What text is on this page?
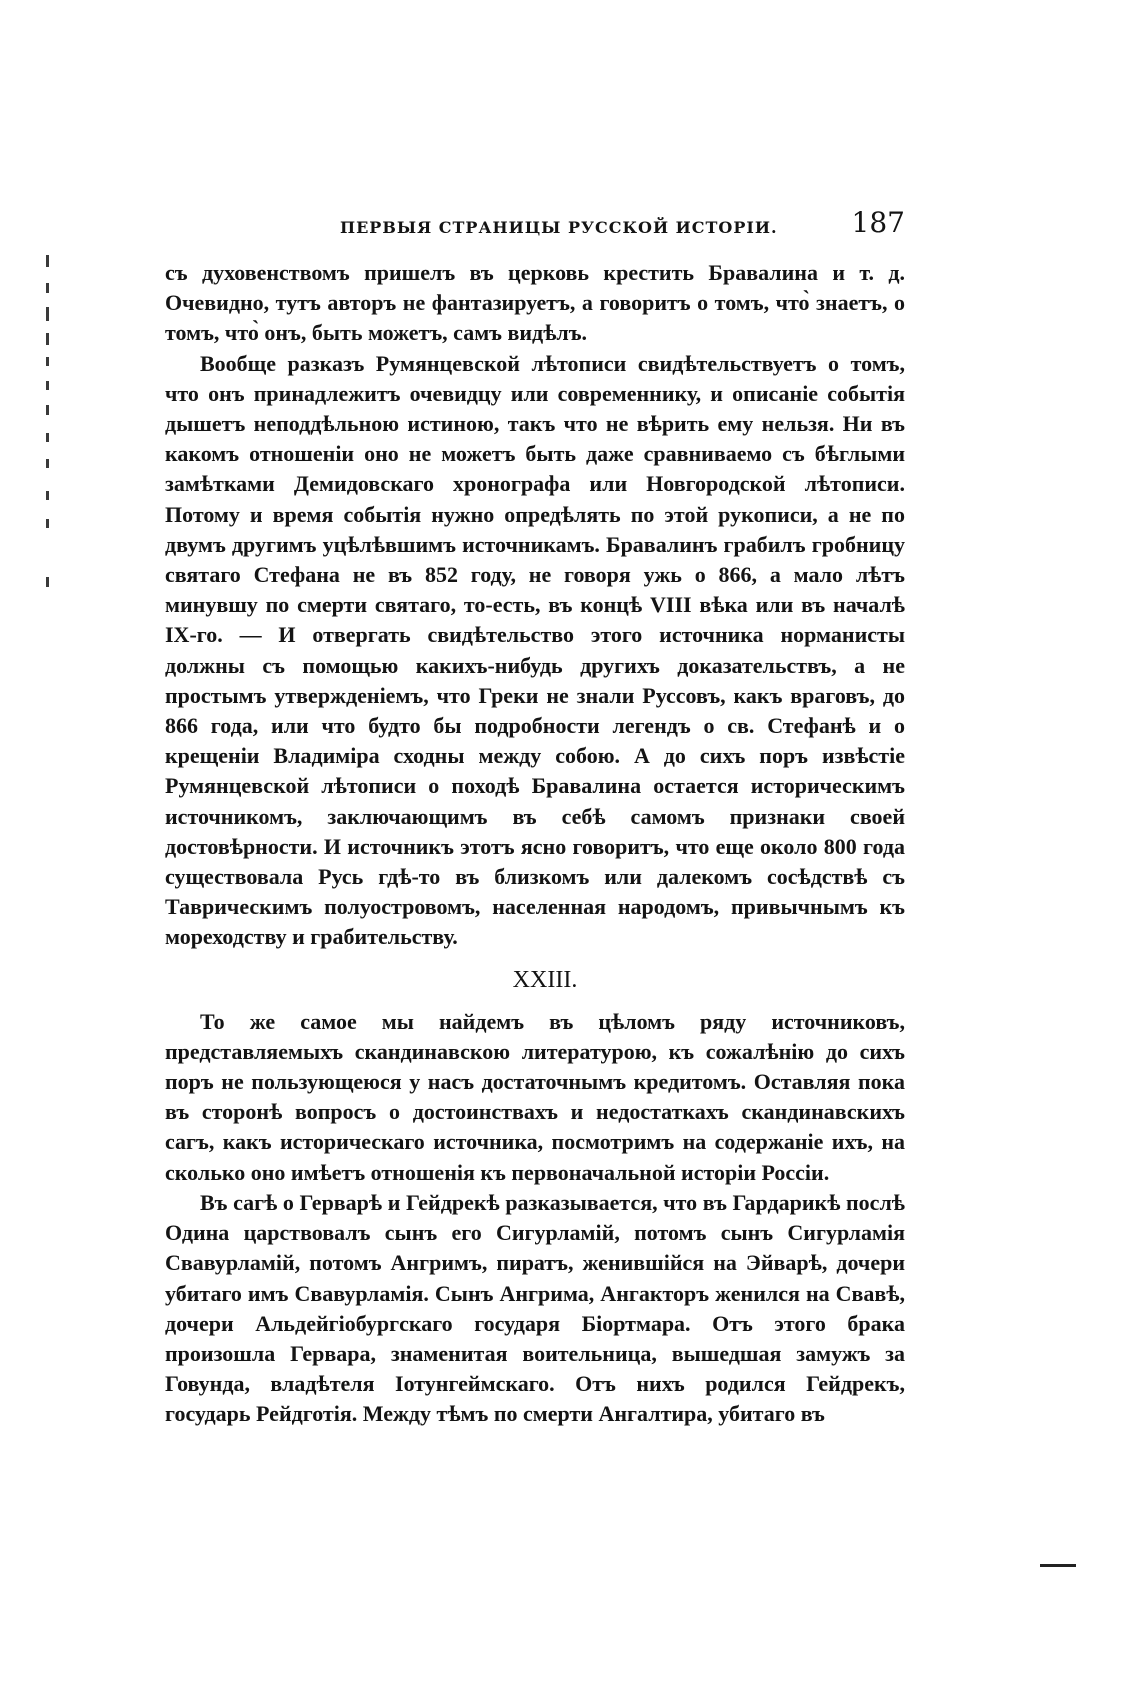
ПЕРВЫЯ СТРАНИЦЫ РУССКОЙ ИСТОРІИ.	187

съ духовенствомъ пришелъ въ церковь крестить Бравалина и т. д. Очевидно, тутъ авторъ не фантазируетъ, а говоритъ о томъ, что̀ знаетъ, о томъ, что̀ онъ, быть можетъ, самъ видѣлъ.

Вообще разказъ Румянцевской лѣтописи свидѣтельствуетъ о томъ, что онъ принадлежитъ очевидцу или современнику, и описаніе событія дышетъ неподдѣльною истиною, такъ что не вѣрить ему нельзя. Ни въ какомъ отношеніи оно не можетъ быть даже сравниваемо съ бѣглыми замѣтками Демидовскаго хронографа или Новгородской лѣтописи. Потому и время событія нужно опредѣлять по этой рукописи, а не по двумъ другимъ уцѣлѣвшимъ источникамъ. Бравалинъ грабилъ гробницу святаго Стефана не въ 852 году, не говоря ужь о 866, а мало лѣтъ минувшу по смерти святаго, то-есть, въ концѣ VIII вѣка или въ началѣ IX-го. — И отвергать свидѣтельство этого источника норманисты должны съ помощью какихъ-нибудь другихъ доказательствъ, а не простымъ утвержденіемъ, что Греки не знали Руссовъ, какъ враговъ, до 866 года, или что будто бы подробности легендъ о св. Стефанѣ и о крещеніи Владиміра сходны между собою. А до сихъ поръ извѣстіе Румянцевской лѣтописи о походѣ Бравалина остается историческимъ источникомъ, заключающимъ въ себѣ самомъ признаки своей достовѣрности. И источникъ этотъ ясно говоритъ, что еще около 800 года существовала Русь гдѣ-то въ близкомъ или далекомъ сосѣдствѣ съ Таврическимъ полуостровомъ, населенная народомъ, привычнымъ къ мореходству и грабительству.

XXIII.

То же самое мы найдемъ въ цѣломъ ряду источниковъ, представляемыхъ скандинавскою литературою, къ сожалѣнію до сихъ поръ не пользующеюся у насъ достаточнымъ кредитомъ. Оставляя пока въ сторонѣ вопросъ о достоинствахъ и недостаткахъ скандинавскихъ сагъ, какъ историческаго источника, посмотримъ на содержаніе ихъ, на сколько оно имѣетъ отношенія къ первоначальной исторіи Россіи.

Въ сагѣ о Герварѣ и Гейдрекѣ разказывается, что въ Гардарикѣ послѣ Одина царствовалъ сынъ его Сигурламій, потомъ сынъ Сигурламія Свавурламій, потомъ Ангримъ, пиратъ, женившійся на Эйварѣ, дочери убитаго имъ Свавурламія. Сынъ Ангрима, Ангакторъ женился на Свавѣ, дочери Альдейгіобургскаго государя Біортмара. Отъ этого брака произошла Гервара, знаменитая воительница, вышедшая замужъ за Говунда, владѣтеля Іотунгеймскаго. Отъ нихъ родился Гейдрекъ, государь Рейдготія. Между тѣмъ по смерти Ангалтира, убитаго въ
